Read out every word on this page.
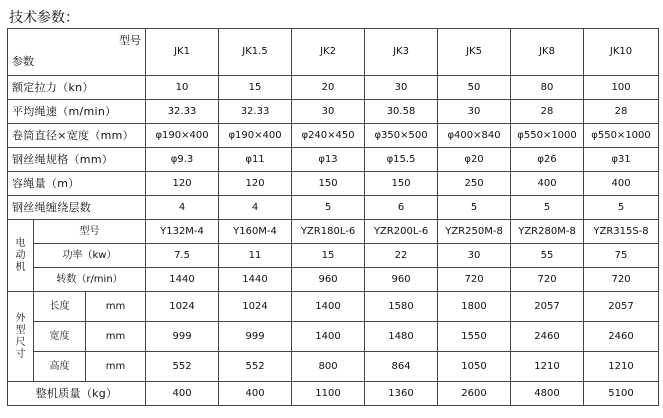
技术参数：
型号
参数			JK1	JK1.5	JK2	JK3	JK5	JK8	JK10
额定拉力（kn）			10	15	20	30	50	80	100
平均绳速（m/min）			32.33	32.33	30	30.58	30	28	28
卷筒直径×宽度（mm）			φ190×400	φ190×400	φ240×450	φ350×500	φ400×840	φ550×1000	φ550×1000
钢丝绳规格（mm）			φ9.3	φ11	φ13	φ15.5	φ20	φ26	φ31
容绳量（m）			120	120	150	150	250	400	400
钢丝绳缠绕层数			4	4	5	6	5	5	5

电
动
机	型号		Y132M-4	Y160M-4	YZR180L-6	YZR200L-6	YZR250M-8	YZR280M-8	YZR315S-8
	功率（kw）		7.5	11	15	22	30	55	75
	转数（r/min）		1440	1440	960	960	720	720	720

外
型
尺
寸	长度	mm	1024	1024	1400	1580	1800	2057	2057
	宽度	mm	999	999	1400	1480	1550	2460	2460
	高度	mm	552	552	800	864	1050	1210	1210
整机质量（kg）			400	400	1100	1360	2600	4800	5100
